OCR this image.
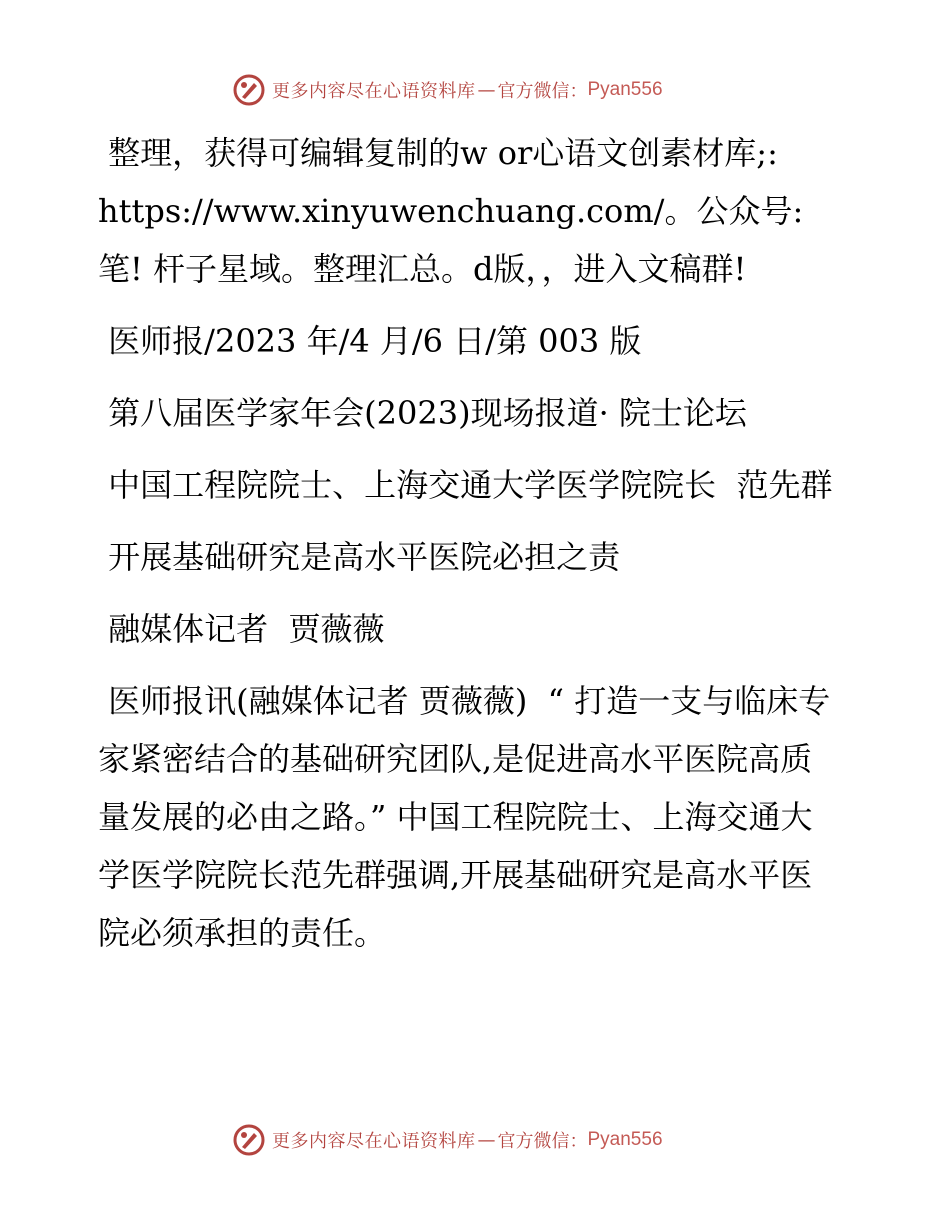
更多内容尽在心语资料库 — 官方微信： Pyan556

整理，获得可编辑复制的w or心语文创素材库;: https://www.xinyuwenchuang.com/。公众号: 笔! 杆子星域。整理汇总。d版，，进入文稿群!

医师报/2023 年/4 月/6 日/第 003 版

第八届医学家年会(2023)现场报道· 院士论坛

中国工程院院士、上海交通大学医学院院长  范先群

开展基础研究是高水平医院必担之责

融媒体记者  贾薇薇

医师报讯(融媒体记者 贾薇薇)  “ 打造一支与临床专家紧密结合的基础研究团队,是促进高水平医院高质量发展的必由之路。” 中国工程院院士、上海交通大学医学院院长范先群强调,开展基础研究是高水平医院必须承担的责任。

更多内容尽在心语资料库 — 官方微信： Pyan556
